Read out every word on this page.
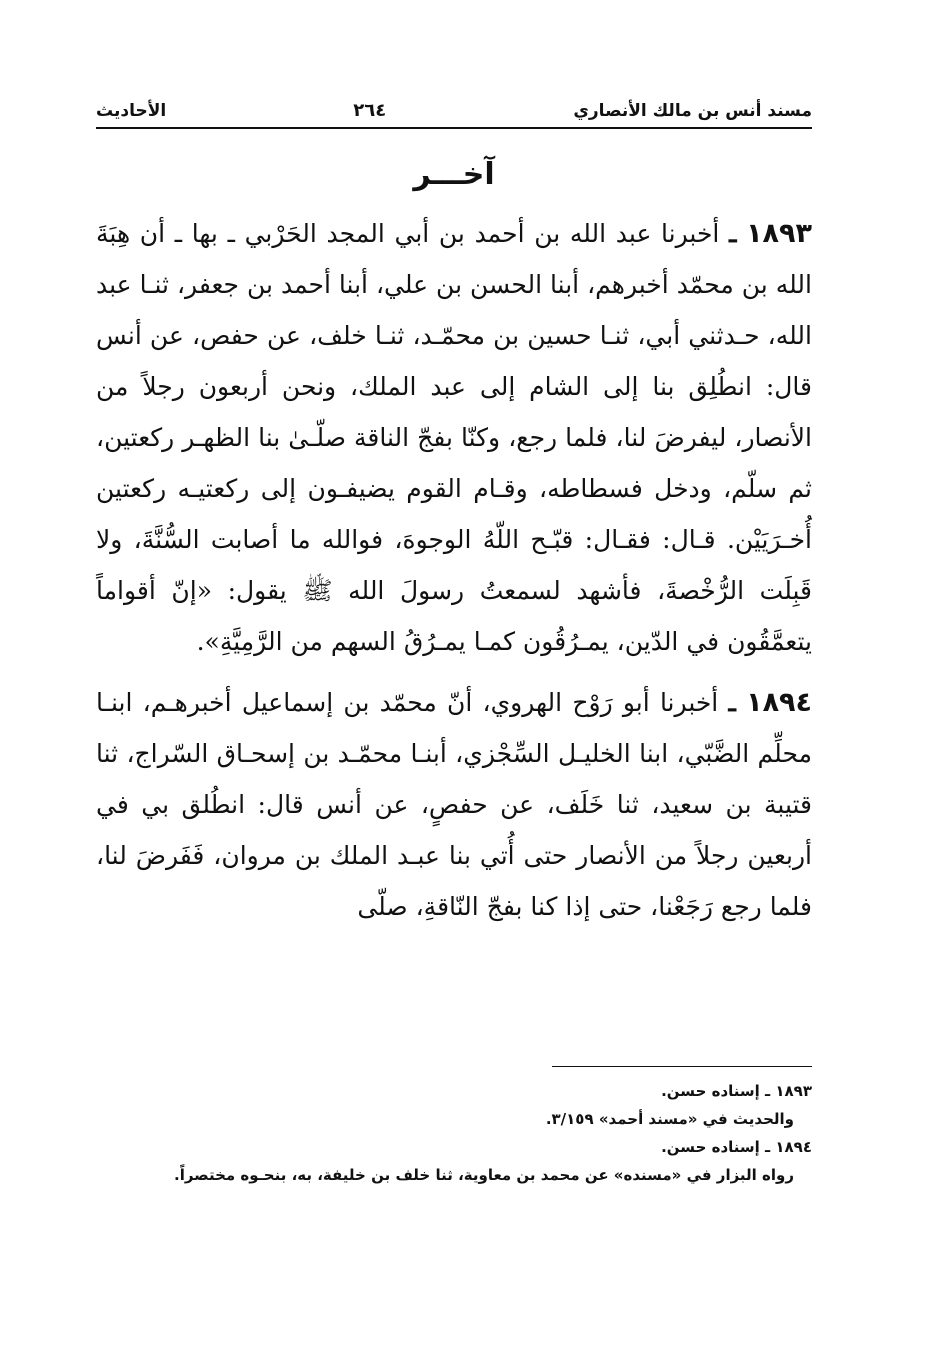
مسند أنس بن مالك الأنصاري
٢٦٤
الأحاديث
آخـــر

١٨٩٣ ـ أخبرنا عبد الله بن أحمد بن أبي المجد الحَرْبي ـ بها ـ أن هِبَةَ الله بن محمّد أخبرهم، أبنا الحسن بن علي، أبنا أحمد بن جعفر، ثنـا عبد الله، حـدثني أبي، ثنـا حسين بن محمّـد، ثنـا خلف، عن حفص، عن أنس قال: انطُلِق بنا إلى الشام إلى عبد الملك، ونحن أربعون رجلاً من الأنصار، ليفرضَ لنا، فلما رجع، وكنّا بفجّ الناقة صلّـىٰ بنا الظهـر ركعتين، ثم سلّم، ودخل فسطاطه، وقـام القوم يضيفـون إلى ركعتيـه ركعتين أُخـرَيَيْن. قـال: فقـال: قبّـح اللّهُ الوجوهَ، فوالله ما أصابت السُّنَّةَ، ولا قَبِلَت الرُّخْصةَ، فأشهد لسمعتُ رسولَ الله ﷺ يقول: «إنّ أقواماً يتعمَّقُون في الدّين، يمـرُقُون كمـا يمـرُقُ السهم من الرَّمِيَّةِ».

١٨٩٤ ـ أخبرنا أبو رَوْح الهروي، أنّ محمّد بن إسماعيل أخبرهـم، ابنـا محلِّم الضَّبّي، ابنا الخليـل السِّجْزي، أبنـا محمّـد بن إسحـاق السّراج، ثنا قتيبة بن سعيد، ثنا خَلَف، عن حفصٍ، عن أنس قال: انطُلق بي في أربعين رجلاً من الأنصار حتى أُتي بنا عبـد الملك بن مروان، فَفَرضَ لنا، فلما رجع رَجَعْنا، حتى إذا كنا بفجّ النّاقةِ، صلّى

١٨٩٣ ـ إسناده حسن.

والحديث في «مسند أحمد» ٣/١٥٩.

١٨٩٤ ـ إسناده حسن.

رواه البزار في «مسنده» عن محمد بن معاوية، ثنا خلف بن خليفة، به، بنحـوه مختصراً.
